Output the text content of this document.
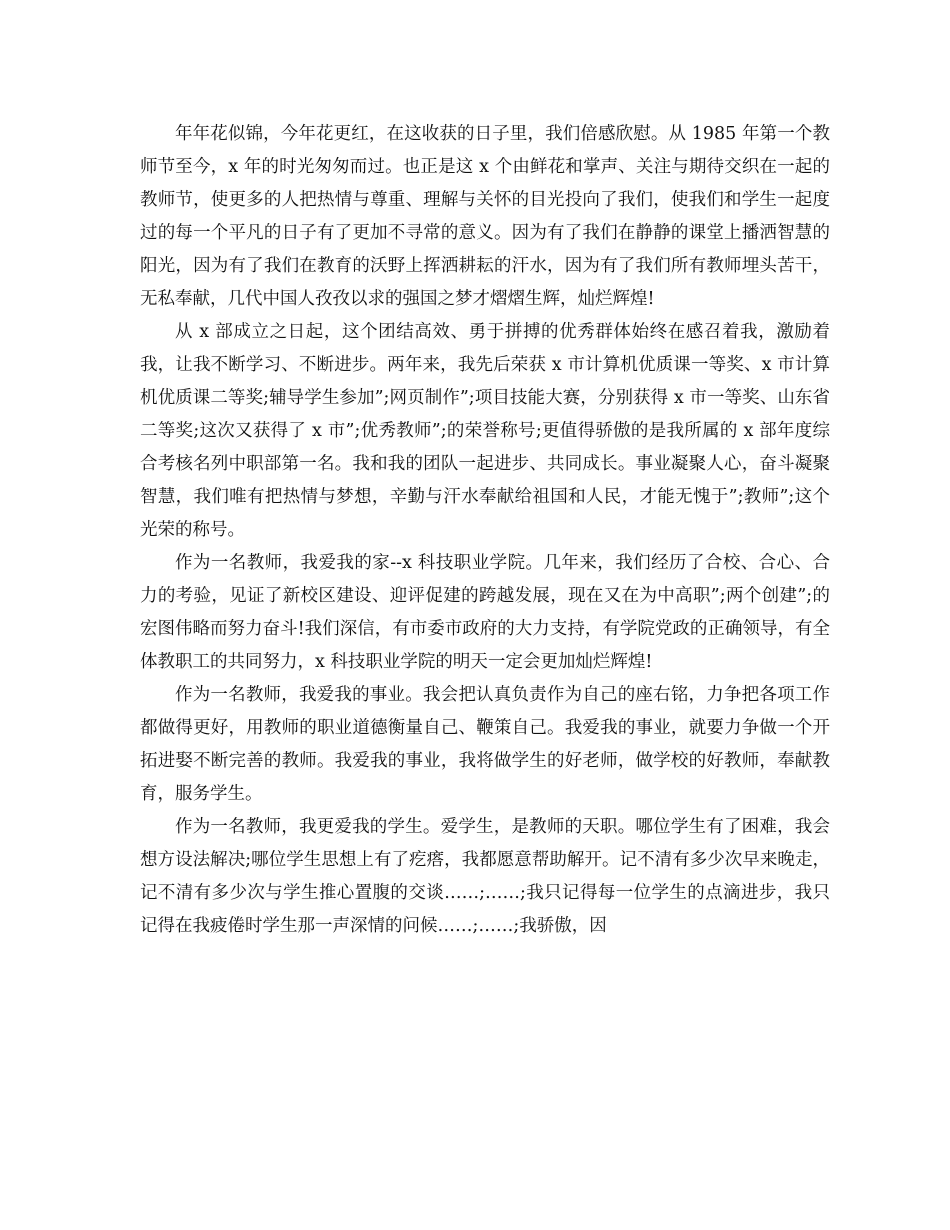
年年花似锦，今年花更红，在这收获的日子里，我们倍感欣慰。从 1985 年第一个教师节至今，x 年的时光匆匆而过。也正是这 x 个由鲜花和掌声、关注与期待交织在一起的教师节，使更多的人把热情与尊重、理解与关怀的目光投向了我们，使我们和学生一起度过的每一个平凡的日子有了更加不寻常的意义。因为有了我们在静静的课堂上播洒智慧的阳光，因为有了我们在教育的沃野上挥洒耕耘的汗水，因为有了我们所有教师埋头苦干，无私奉献，几代中国人孜孜以求的强国之梦才熠熠生辉，灿烂辉煌!

从 x 部成立之日起，这个团结高效、勇于拼搏的优秀群体始终在感召着我，激励着我，让我不断学习、不断进步。两年来，我先后荣获 x 市计算机优质课一等奖、x 市计算机优质课二等奖;辅导学生参加”;网页制作”;项目技能大赛，分别获得 x 市一等奖、山东省二等奖;这次又获得了 x 市”;优秀教师”;的荣誉称号;更值得骄傲的是我所属的 x 部年度综合考核名列中职部第一名。我和我的团队一起进步、共同成长。事业凝聚人心，奋斗凝聚智慧，我们唯有把热情与梦想，辛勤与汗水奉献给祖国和人民，才能无愧于”;教师”;这个光荣的称号。

作为一名教师，我爱我的家--x 科技职业学院。几年来，我们经历了合校、合心、合力的考验，见证了新校区建设、迎评促建的跨越发展，现在又在为中高职”;两个创建”;的宏图伟略而努力奋斗!我们深信，有市委市政府的大力支持，有学院党政的正确领导，有全体教职工的共同努力，x 科技职业学院的明天一定会更加灿烂辉煌!

作为一名教师，我爱我的事业。我会把认真负责作为自己的座右铭，力争把各项工作都做得更好，用教师的职业道德衡量自己、鞭策自己。我爱我的事业，就要力争做一个开拓进娶不断完善的教师。我爱我的事业，我将做学生的好老师，做学校的好教师，奉献教育，服务学生。

作为一名教师，我更爱我的学生。爱学生，是教师的天职。哪位学生有了困难，我会想方设法解决;哪位学生思想上有了疙瘩，我都愿意帮助解开。记不清有多少次早来晚走，记不清有多少次与学生推心置腹的交谈……;……;我只记得每一位学生的点滴进步，我只记得在我疲倦时学生那一声深情的问候……;……;我骄傲，因
